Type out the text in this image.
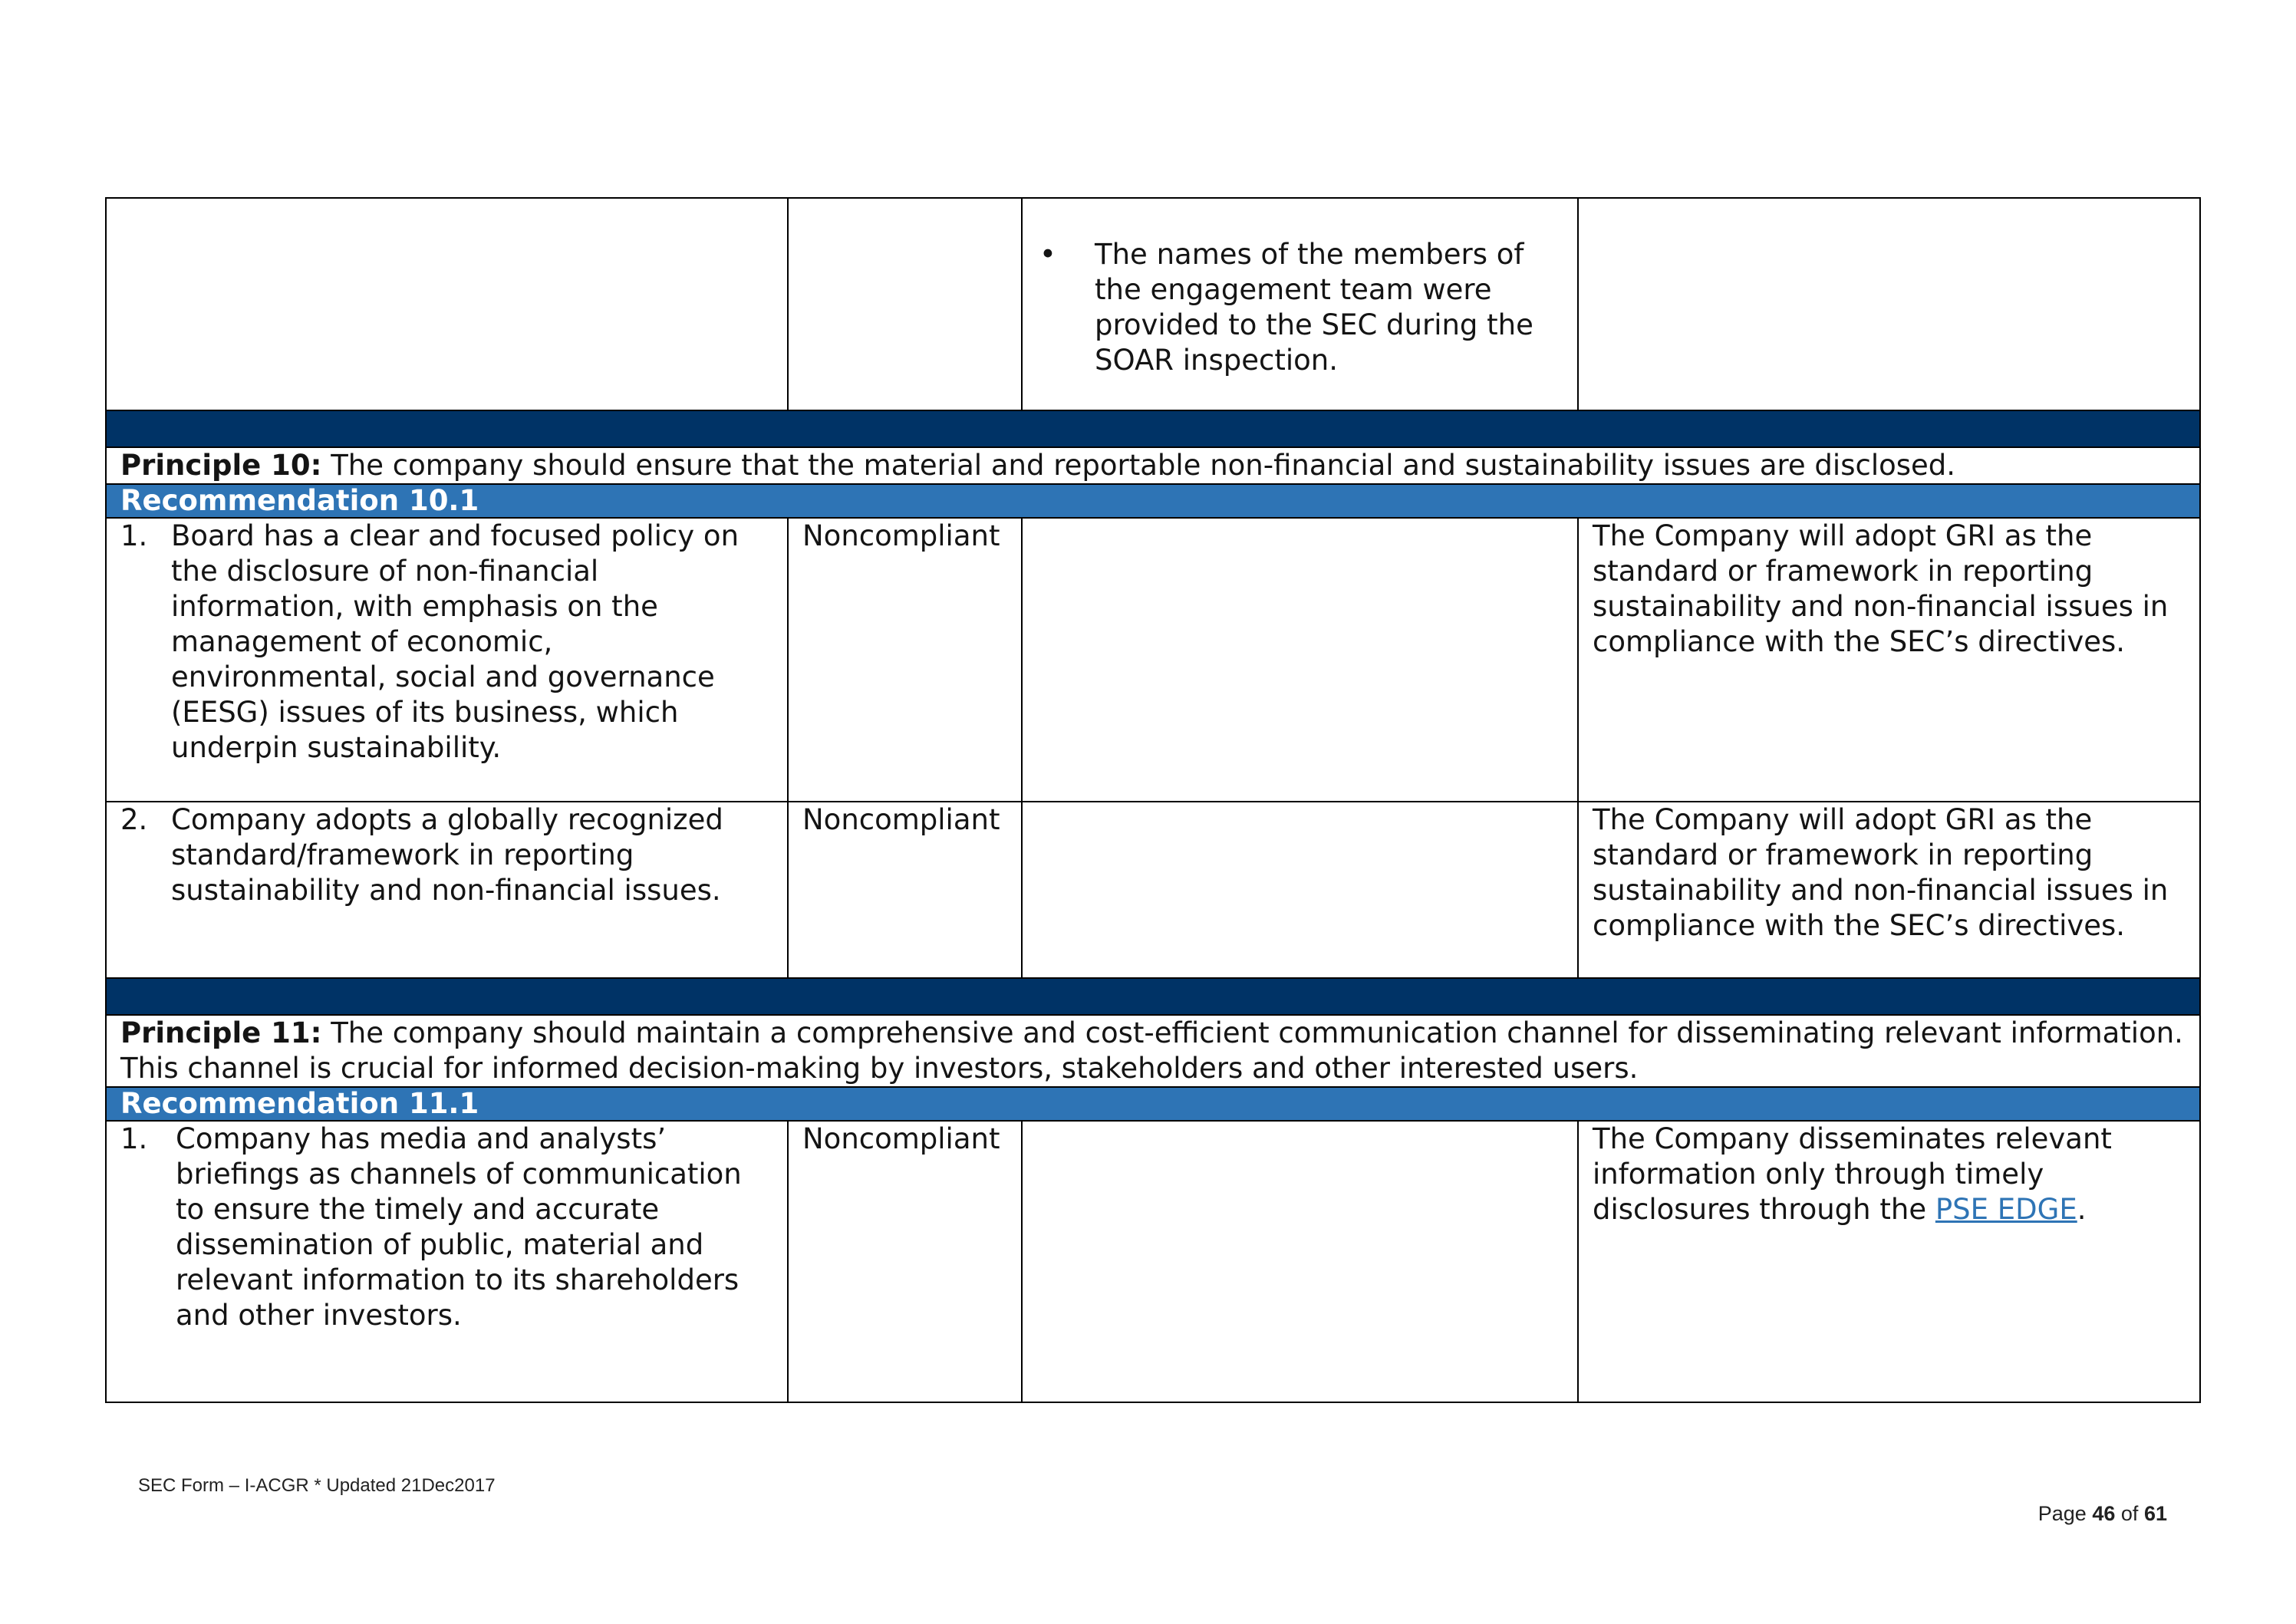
		• The names of the members of the engagement team were provided to the SEC during the SOAR inspection.	

Principle 10: The company should ensure that the material and reportable non-financial and sustainability issues are disclosed.			
Recommendation 10.1			

1. Board has a clear and focused policy on the disclosure of non-financial information, with emphasis on the management of economic, environmental, social and governance (EESG) issues of its business, which underpin sustainability.	Noncompliant		The Company will adopt GRI as the standard or framework in reporting sustainability and non-financial issues in compliance with the SEC’s directives.

2. Company adopts a globally recognized standard/framework in reporting sustainability and non-financial issues.	Noncompliant		The Company will adopt GRI as the standard or framework in reporting sustainability and non-financial issues in compliance with the SEC’s directives.

Principle 11: The company should maintain a comprehensive and cost-efficient communication channel for disseminating relevant information. This channel is crucial for informed decision-making by investors, stakeholders and other interested users.			
Recommendation 11.1			

1. Company has media and analysts’ briefings as channels of communication to ensure the timely and accurate dissemination of public, material and relevant information to its shareholders and other investors.	Noncompliant		The Company disseminates relevant information only through timely disclosures through the PSE EDGE.
SEC Form – I-ACGR * Updated 21Dec2017
Page 46 of 61
